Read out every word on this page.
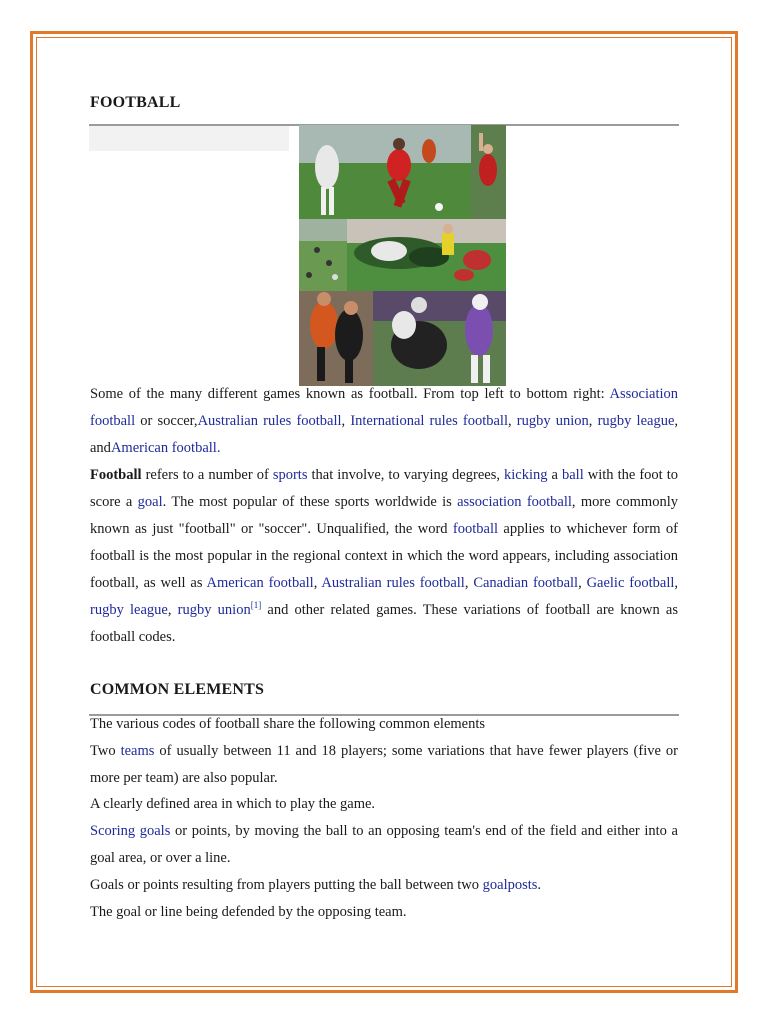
FOOTBALL

Some of the many different games known as football. From top left to bottom right: Association football or soccer,Australian rules football, International rules football, rugby union, rugby league, andAmerican football.

Football refers to a number of sports that involve, to varying degrees, kicking a ball with the foot to score a goal. The most popular of these sports worldwide is association football, more commonly known as just "football" or "soccer". Unqualified, the word football applies to whichever form of football is the most popular in the regional context in which the word appears, including association football, as well as American football, Australian rules football, Canadian football, Gaelic football, rugby league, rugby union[1] and other related games. These variations of football are known as football codes.

COMMON ELEMENTS

The various codes of football share the following common elements

Two teams of usually between 11 and 18 players; some variations that have fewer players (five or more per team) are also popular.

A clearly defined area in which to play the game.

Scoring goals or points, by moving the ball to an opposing team's end of the field and either into a goal area, or over a line.

Goals or points resulting from players putting the ball between two goalposts.

The goal or line being defended by the opposing team.
